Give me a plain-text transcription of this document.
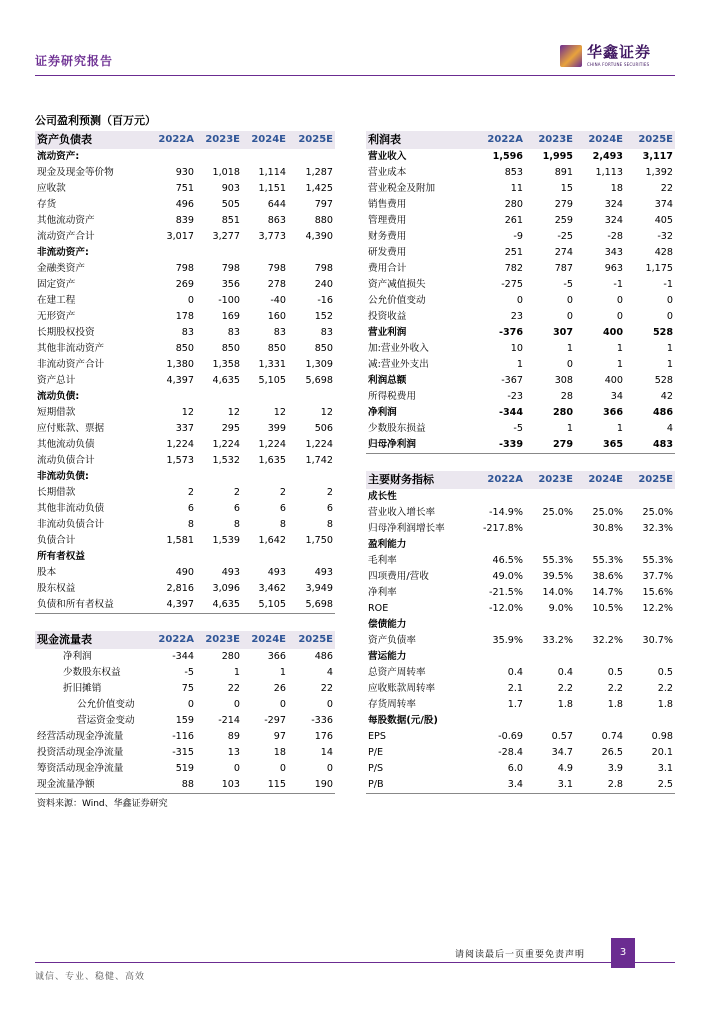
证券研究报告	华鑫证券
CHINA FORTUNE SECURITIES
公司盈利预测（百万元）
资产负债表	2022A	2023E	2024E	2025E
流动资产:				
现金及现金等价物	930	1,018	1,114	1,287
应收款	751	903	1,151	1,425
存货	496	505	644	797
其他流动资产	839	851	863	880
流动资产合计	3,017	3,277	3,773	4,390
非流动资产:				
金融类资产	798	798	798	798
固定资产	269	356	278	240
在建工程	0	-100	-40	-16
无形资产	178	169	160	152
长期股权投资	83	83	83	83
其他非流动资产	850	850	850	850
非流动资产合计	1,380	1,358	1,331	1,309
资产总计	4,397	4,635	5,105	5,698
流动负债:				
短期借款	12	12	12	12
应付账款、票据	337	295	399	506
其他流动负债	1,224	1,224	1,224	1,224
流动负债合计	1,573	1,532	1,635	1,742
非流动负债:				
长期借款	2	2	2	2
其他非流动负债	6	6	6	6
非流动负债合计	8	8	8	8
负债合计	1,581	1,539	1,642	1,750
所有者权益				
股本	490	493	493	493
股东权益	2,816	3,096	3,462	3,949
负债和所有者权益	4,397	4,635	5,105	5,698
利润表	2022A	2023E	2024E	2025E
营业收入	1,596	1,995	2,493	3,117
营业成本	853	891	1,113	1,392
营业税金及附加	11	15	18	22
销售费用	280	279	324	374
管理费用	261	259	324	405
财务费用	-9	-25	-28	-32
研发费用	251	274	343	428
费用合计	782	787	963	1,175
资产减值损失	-275	-5	-1	-1
公允价值变动	0	0	0	0
投资收益	23	0	0	0
营业利润	-376	307	400	528
加:营业外收入	10	1	1	1
减:营业外支出	1	0	1	1
利润总额	-367	308	400	528
所得税费用	-23	28	34	42
净利润	-344	280	366	486
少数股东损益	-5	1	1	4
归母净利润	-339	279	365	483
主要财务指标	2022A	2023E	2024E	2025E
成长性				
营业收入增长率	-14.9%	25.0%	25.0%	25.0%
归母净利润增长率	-217.8%		30.8%	32.3%
盈利能力				
毛利率	46.5%	55.3%	55.3%	55.3%
四项费用/营收	49.0%	39.5%	38.6%	37.7%
净利率	-21.5%	14.0%	14.7%	15.6%
ROE	-12.0%	9.0%	10.5%	12.2%
偿债能力				
资产负债率	35.9%	33.2%	32.2%	30.7%
营运能力				
总资产周转率	0.4	0.4	0.5	0.5
应收账款周转率	2.1	2.2	2.2	2.2
存货周转率	1.7	1.8	1.8	1.8
每股数据(元/股)				
EPS	-0.69	0.57	0.74	0.98
P/E	-28.4	34.7	26.5	20.1
P/S	6.0	4.9	3.9	3.1
P/B	3.4	3.1	2.8	2.5
现金流量表	2022A	2023E	2024E	2025E
净利润	-344	280	366	486
少数股东权益	-5	1	1	4
折旧摊销	75	22	26	22
公允价值变动	0	0	0	0
营运资金变动	159	-214	-297	-336
经营活动现金净流量	-116	89	97	176
投资活动现金净流量	-315	13	18	14
筹资活动现金净流量	519	0	0	0
现金流量净额	88	103	115	190
资料来源：Wind、华鑫证券研究
请阅读最后一页重要免责声明	3
诚信、专业、稳健、高效
